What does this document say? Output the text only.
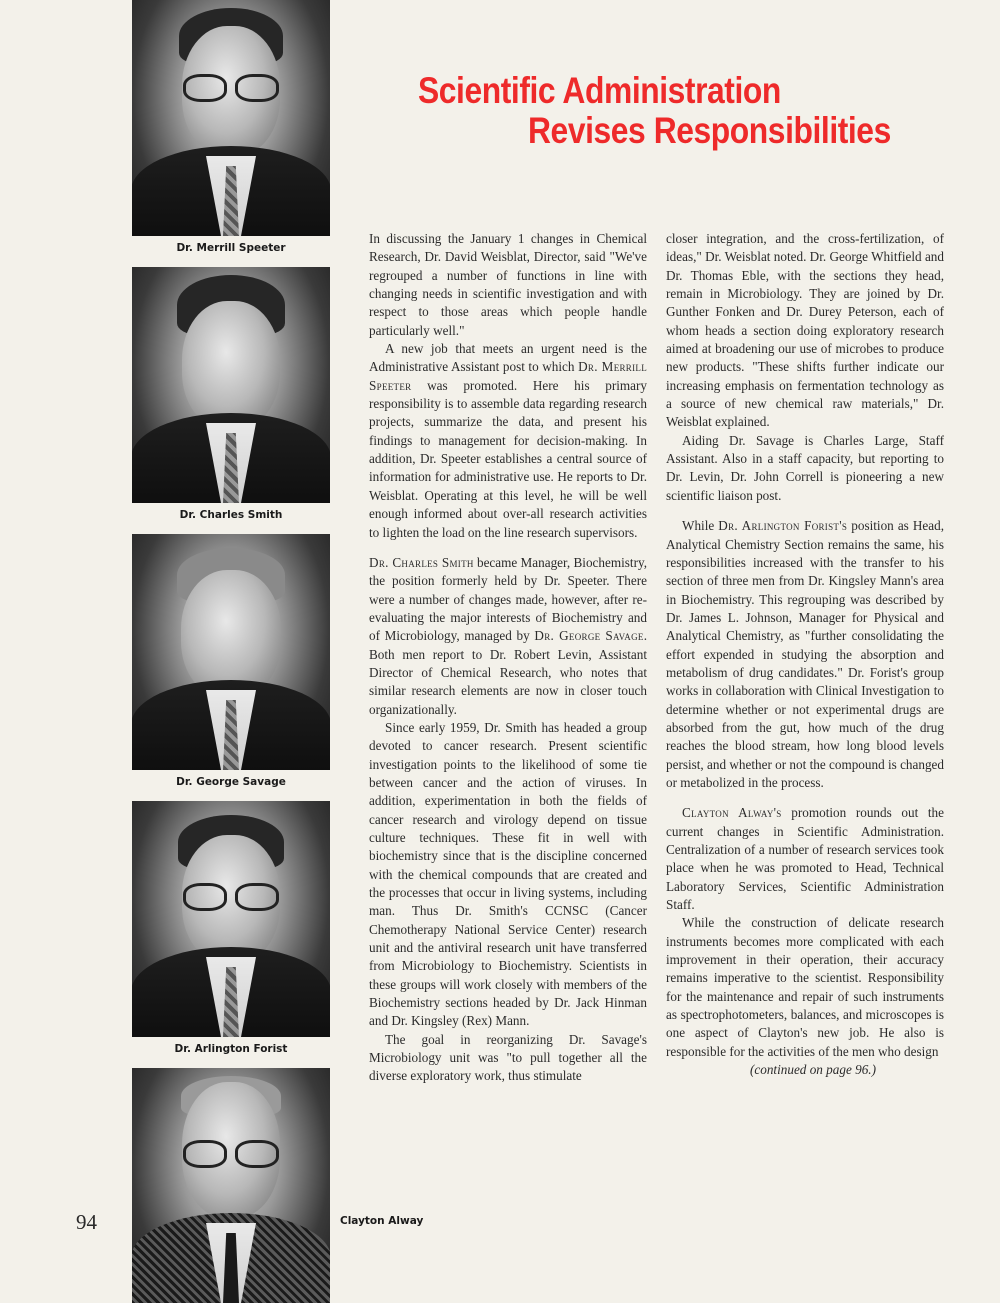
Dr. Merrill Speeter
Dr. Charles Smith
Dr. George Savage
Dr. Arlington Forist
Clayton Alway
Scientific Administration
Revises Responsibilities

In discussing the January 1 changes in Chemical Research, Dr. David Weisblat, Director, said "We've regrouped a number of functions in line with changing needs in scientific investigation and with respect to those areas which people handle particularly well."

A new job that meets an urgent need is the Administrative Assistant post to which Dr. Merrill Speeter was promoted. Here his primary responsibility is to assemble data regarding research projects, summarize the data, and present his findings to management for decision-making. In addition, Dr. Speeter establishes a central source of information for administrative use. He reports to Dr. Weisblat. Operating at this level, he will be well enough informed about over-all research activities to lighten the load on the line research supervisors.

Dr. Charles Smith became Manager, Biochemistry, the position formerly held by Dr. Speeter. There were a number of changes made, however, after re-evaluating the major interests of Biochemistry and of Microbiology, managed by Dr. George Savage. Both men report to Dr. Robert Levin, Assistant Director of Chemical Research, who notes that similar research elements are now in closer touch organizationally.

Since early 1959, Dr. Smith has headed a group devoted to cancer research. Present scientific investigation points to the likelihood of some tie between cancer and the action of viruses. In addition, experimentation in both the fields of cancer research and virology depend on tissue culture techniques. These fit in well with biochemistry since that is the discipline concerned with the chemical compounds that are created and the processes that occur in living systems, including man. Thus Dr. Smith's CCNSC (Cancer Chemotherapy National Service Center) research unit and the antiviral research unit have transferred from Microbiology to Biochemistry. Scientists in these groups will work closely with members of the Biochemistry sections headed by Dr. Jack Hinman and Dr. Kingsley (Rex) Mann.

The goal in reorganizing Dr. Savage's Microbiology unit was "to pull together all the diverse exploratory work, thus stimulate

closer integration, and the cross-fertilization, of ideas," Dr. Weisblat noted. Dr. George Whitfield and Dr. Thomas Eble, with the sections they head, remain in Microbiology. They are joined by Dr. Gunther Fonken and Dr. Durey Peterson, each of whom heads a section doing exploratory research aimed at broadening our use of microbes to produce new products. "These shifts further indicate our increasing emphasis on fermentation technology as a source of new chemical raw materials," Dr. Weisblat explained.

Aiding Dr. Savage is Charles Large, Staff Assistant. Also in a staff capacity, but reporting to Dr. Levin, Dr. John Correll is pioneering a new scientific liaison post.

While Dr. Arlington Forist's position as Head, Analytical Chemistry Section remains the same, his responsibilities increased with the transfer to his section of three men from Dr. Kingsley Mann's area in Biochemistry. This regrouping was described by Dr. James L. Johnson, Manager for Physical and Analytical Chemistry, as "further consolidating the effort expended in studying the absorption and metabolism of drug candidates." Dr. Forist's group works in collaboration with Clinical Investigation to determine whether or not experimental drugs are absorbed from the gut, how much of the drug reaches the blood stream, how long blood levels persist, and whether or not the compound is changed or metabolized in the process.

Clayton Alway's promotion rounds out the current changes in Scientific Administration. Centralization of a number of research services took place when he was promoted to Head, Technical Laboratory Services, Scientific Administration Staff.

While the construction of delicate research instruments becomes more complicated with each improvement in their operation, their accuracy remains imperative to the scientist. Responsibility for the maintenance and repair of such instruments as spectrophotometers, balances, and microscopes is one aspect of Clayton's new job. He also is responsible for the activities of the men who design

(continued on page 96.)

94
